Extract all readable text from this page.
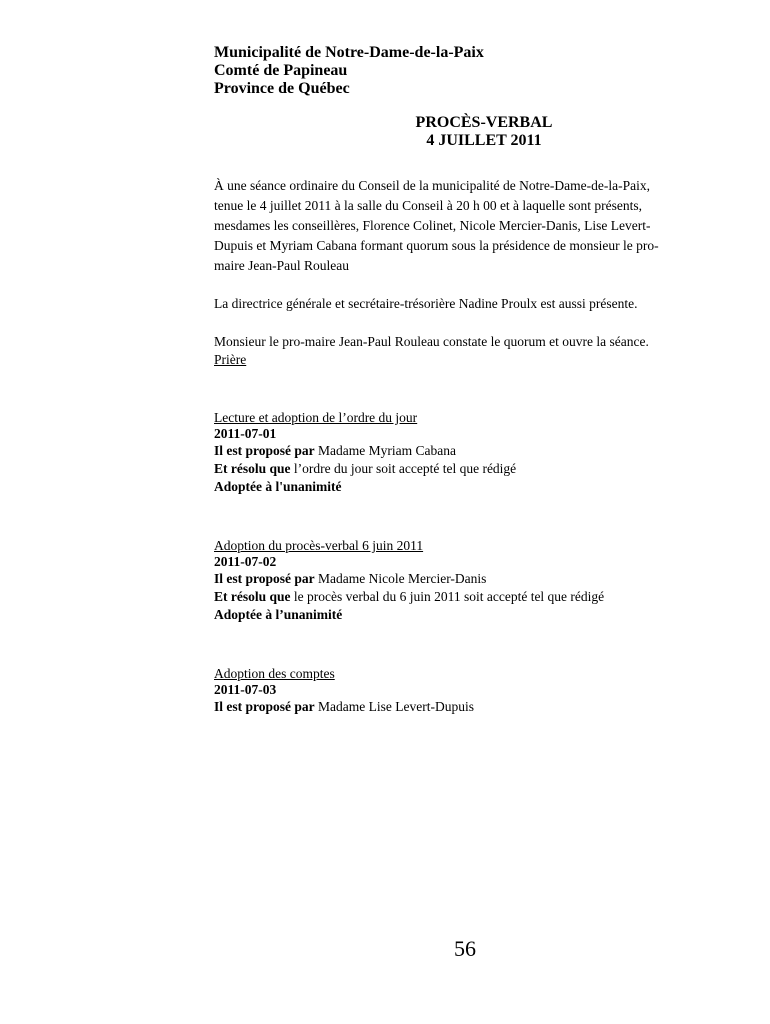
Municipalité de Notre-Dame-de-la-Paix

Comté de Papineau

Province de Québec

PROCÈS-VERBAL
4 JUILLET 2011

À une séance ordinaire du Conseil de la municipalité de Notre-Dame-de-la-Paix,

tenue le 4 juillet 2011 à la salle du Conseil à 20 h 00 et à laquelle sont présents,

mesdames les conseillères, Florence Colinet, Nicole Mercier-Danis, Lise Levert-

Dupuis et Myriam Cabana formant quorum sous la présidence de monsieur le pro-

maire Jean-Paul Rouleau

La directrice générale et secrétaire-trésorière Nadine Proulx est aussi présente.

Monsieur le pro-maire Jean-Paul Rouleau constate le quorum et ouvre la séance.

Prière

Lecture et adoption de l’ordre du jour

2011-07-01

Il est proposé par Madame Myriam Cabana

Et résolu que l’ordre du jour soit accepté tel que rédigé

Adoptée à l'unanimité

Adoption du procès-verbal 6 juin 2011

2011-07-02

Il est proposé par Madame Nicole Mercier-Danis

Et résolu que le procès verbal du 6 juin 2011 soit accepté tel que rédigé

Adoptée à l’unanimité

Adoption des comptes

2011-07-03

Il est proposé par Madame Lise Levert-Dupuis

56
